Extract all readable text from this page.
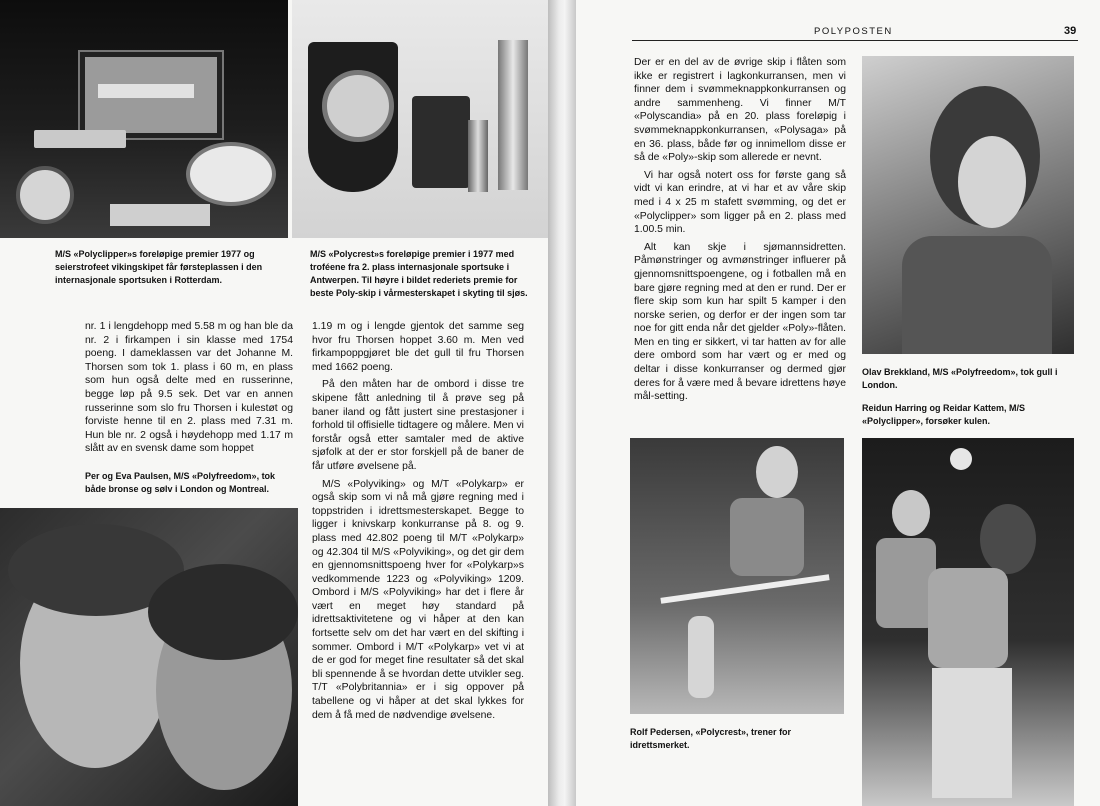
M/S «Polyclipper»s foreløpige premier 1977 og seierstrofeet vikingskipet får førsteplassen i den internasjonale sportsuken i Rotterdam.

M/S «Polycrest»s foreløpige premier i 1977 med troféene fra 2. plass internasjonale sportsuke i Antwerpen. Til høyre i bildet rederiets premie for beste Poly-skip i vårmesterskapet i skyting til sjøs.

nr. 1 i lengdehopp med 5.58 m og han ble da nr. 2 i firkampen i sin klasse med 1754 poeng. I dameklassen var det Johanne M. Thorsen som tok 1. plass i 60 m, en plass som hun også delte med en russerinne, begge løp på 9.5 sek. Det var en annen russerinne som slo fru Thorsen i kulestøt og forviste henne til en 2. plass med 7.31 m. Hun ble nr. 2 også i høydehopp med 1.17 m slått av en svensk dame som hoppet

Per og Eva Paulsen, M/S «Polyfreedom», tok både bronse og sølv i London og Montreal.

1.19 m og i lengde gjentok det samme seg hvor fru Thorsen hoppet 3.60 m. Men ved firkampoppgjøret ble det gull til fru Thorsen med 1662 poeng.

På den måten har de ombord i disse tre skipene fått anledning til å prøve seg på baner iland og fått justert sine prestasjoner i forhold til offisielle tidtagere og målere. Men vi forstår også etter samtaler med de aktive sjøfolk at der er stor forskjell på de baner de får utføre øvelsene på.

M/S «Polyviking» og M/T «Polykarp» er også skip som vi nå må gjøre regning med i toppstriden i idrettsmesterskapet. Begge to ligger i knivskarp konkurranse på 8. og 9. plass med 42.802 poeng til M/T «Polykarp» og 42.304 til M/S «Polyviking», og det gir dem en gjennomsnittspoeng hver for «Polykarp»s vedkommende 1223 og «Polyviking» 1209. Ombord i M/S «Polyviking» har det i flere år vært en meget høy standard på idrettsaktivitetene og vi håper at den kan fortsette selv om det har vært en del skifting i sommer. Ombord i M/T «Polykarp» vet vi at de er god for meget fine resultater så det skal bli spennende å se hvordan dette utvikler seg. T/T «Polybritannia» er i sig oppover på tabellene og vi håper at det skal lykkes for dem å få med de nødvendige øvelsene.

POLYPOSTEN	39

Der er en del av de øvrige skip i flåten som ikke er registrert i lagkonkurransen, men vi finner dem i svømmeknappkonkurransen og andre sammenheng. Vi finner M/T «Polyscandia» på en 20. plass foreløpig i svømmeknappkonkurransen, «Polysaga» på en 36. plass, både før og innimellom disse er så de «Poly»-skip som allerede er nevnt.

Vi har også notert oss for første gang så vidt vi kan erindre, at vi har et av våre skip med i 4 x 25 m stafett svømming, og det er «Polyclipper» som ligger på en 2. plass med 1.00.5 min.

Alt kan skje i sjømannsidretten. Påmønstringer og avmønstringer influerer på gjennomsnittspoengene, og i fotballen må en bare gjøre regning med at den er rund. Der er flere skip som kun har spilt 5 kamper i den norske serien, og derfor er der ingen som tar noe for gitt enda når det gjelder «Poly»-flåten. Men en ting er sikkert, vi tar hatten av for alle dere ombord som har vært og er med og deltar i disse konkurranser og dermed gjør deres for å være med å bevare idrettens høye mål-setting.

Olav Brekkland, M/S «Polyfreedom», tok gull i London.

Reidun Harring og Reidar Kattem, M/S «Polyclipper», forsøker kulen.

Rolf Pedersen, «Polycrest», trener for idrettsmerket.
